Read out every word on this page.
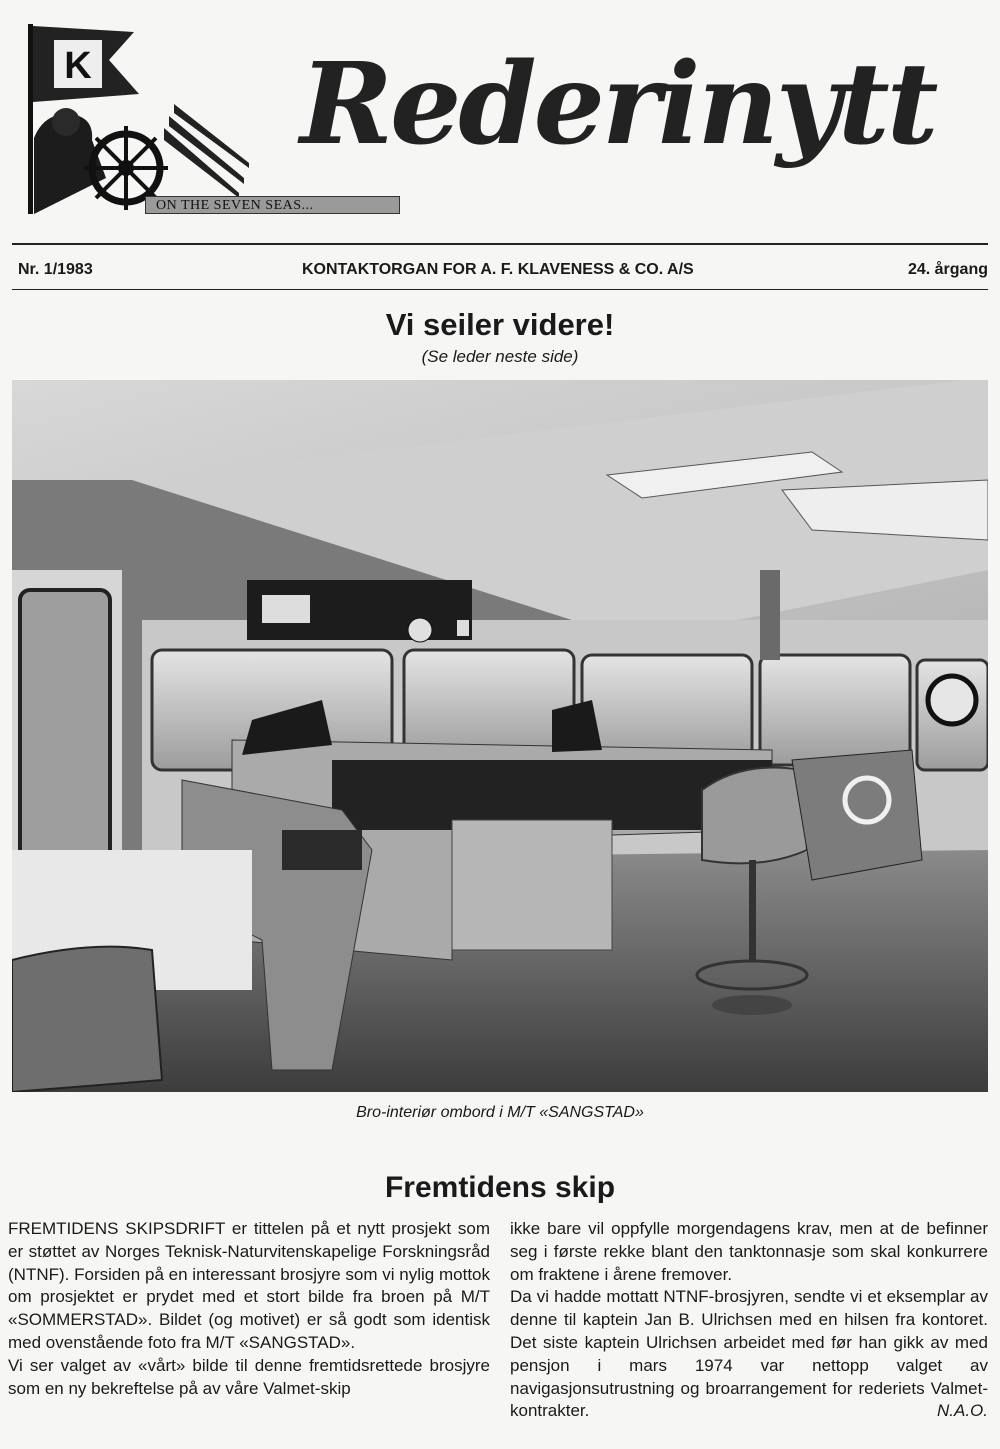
K
ON THE SEVEN SEAS...
Rederinytt
Nr. 1/1983	KONTAKTORGAN FOR A. F. KLAVENESS & CO. A/S	24. årgang
Vi seiler videre!
(Se leder neste side)
Bro-interiør ombord i M/T «SANGSTAD»
Fremtidens skip

FREMTIDENS SKIPSDRIFT er tittelen på et nytt prosjekt som er støttet av Norges Teknisk-Naturvitenskapelige Forskningsråd (NTNF). Forsiden på en interessant brosjyre som vi nylig mottok om prosjektet er prydet med et stort bilde fra broen på M/T «SOMMERSTAD». Bildet (og motivet) er så godt som identisk med ovenstående foto fra M/T «SANGSTAD».

Vi ser valget av «vårt» bilde til denne fremtidsrettede brosjyre som en ny bekreftelse på av våre Valmet-skip

ikke bare vil oppfylle morgendagens krav, men at de befinner seg i første rekke blant den tanktonnasje som skal konkurrere om fraktene i årene fremover.

Da vi hadde mottatt NTNF-brosjyren, sendte vi et eksemplar av denne til kaptein Jan B. Ulrichsen med en hilsen fra kontoret. Det siste kaptein Ulrichsen arbeidet med før han gikk av med pensjon i mars 1974 var nettopp valget av navigasjonsutrustning og broarrangement for rederiets Valmet-kontrakter.	N.A.O.
